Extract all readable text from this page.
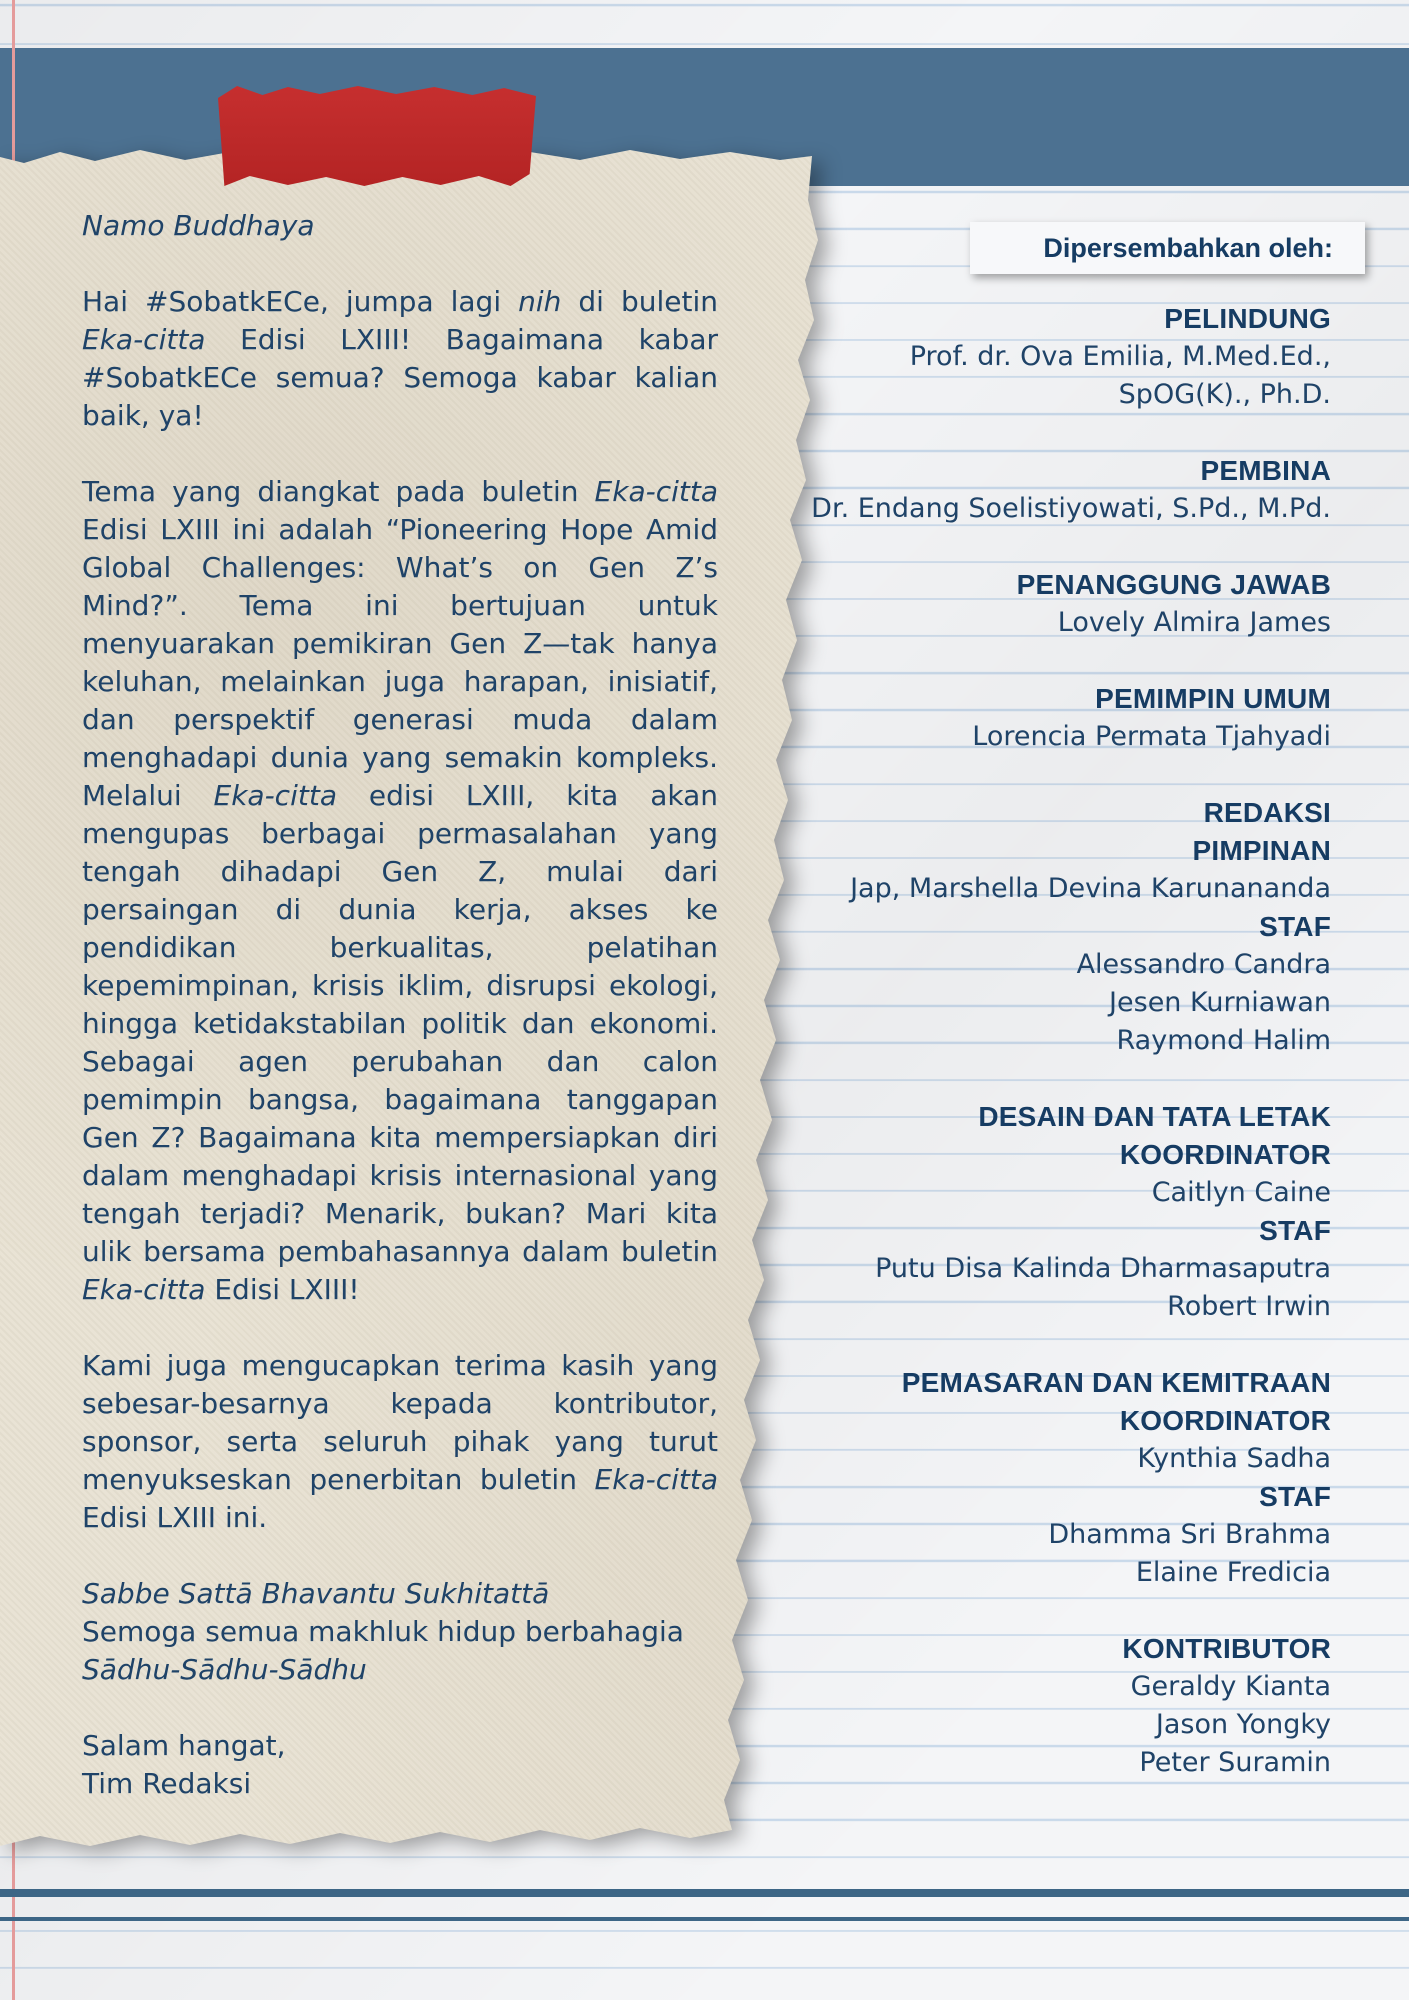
Namo Buddhaya

Hai #SobatkECe, jumpa lagi nih di buletin Eka-citta Edisi LXIII! Bagaimana kabar #SobatkECe semua? Semoga kabar kalian baik, ya!

Tema yang diangkat pada buletin Eka-citta Edisi LXIII ini adalah “Pioneering Hope Amid Global Challenges: What’s on Gen Z’s Mind?”. Tema ini bertujuan untuk menyuarakan pemikiran Gen Z—tak hanya keluhan, melainkan juga harapan, inisiatif, dan perspektif generasi muda dalam menghadapi dunia yang semakin kompleks. Melalui Eka-citta edisi LXIII, kita akan mengupas berbagai permasalahan yang tengah dihadapi Gen Z, mulai dari persaingan di dunia kerja, akses ke pendidikan berkualitas, pelatihan kepemimpinan, krisis iklim, disrupsi ekologi, hingga ketidakstabilan politik dan ekonomi. Sebagai agen perubahan dan calon pemimpin bangsa, bagaimana tanggapan Gen Z? Bagaimana kita mempersiapkan diri dalam menghadapi krisis internasional yang tengah terjadi? Menarik, bukan? Mari kita ulik bersama pembahasannya dalam buletin Eka-citta Edisi LXIII!

Kami juga mengucapkan terima kasih yang sebesar-besarnya kepada kontributor, sponsor, serta seluruh pihak yang turut menyukseskan penerbitan buletin Eka-citta Edisi LXIII ini.

Sabbe Sattā Bhavantu Sukhitattā
Semoga semua makhluk hidup berbahagia
Sādhu-Sādhu-Sādhu

Salam hangat,
Tim Redaksi

Dipersembahkan oleh:
PELINDUNG
Prof. dr. Ova Emilia, M.Med.Ed.,
SpOG(K)., Ph.D.
PEMBINA
Dr. Endang Soelistiyowati, S.Pd., M.Pd.
PENANGGUNG JAWAB
Lovely Almira James
PEMIMPIN UMUM
Lorencia Permata Tjahyadi
REDAKSI
PIMPINAN
Jap, Marshella Devina Karunananda
STAF
Alessandro Candra
Jesen Kurniawan
Raymond Halim
DESAIN DAN TATA LETAK
KOORDINATOR
Caitlyn Caine
STAF
Putu Disa Kalinda Dharmasaputra
Robert Irwin
PEMASARAN DAN KEMITRAAN
KOORDINATOR
Kynthia Sadha
STAF
Dhamma Sri Brahma
Elaine Fredicia
KONTRIBUTOR
Geraldy Kianta
Jason Yongky
Peter Suramin
